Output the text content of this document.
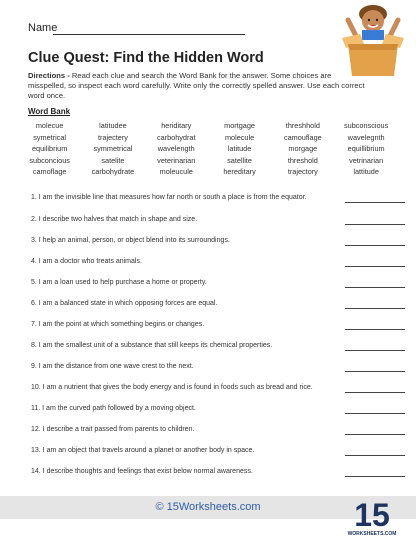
Name
Clue Quest: Find the Hidden Word
Directions - Read each clue and search the Word Bank for the answer. Some choices are misspelled, so inspect each word carefully. Write only the correctly spelled answer. Use each correct word once.
Word Bank
molecue	latitudee	heriditary	mortgage	threshhold	subconscious
symetrical	trajectery	carbohydrat	molecule	camouflage	wavelegnth
equilibrium	symmetrical	wavelength	latitude	morgage	equillibrium
subconcious	satelite	veterinarian	satellite	threshold	vetrinarian
camoflage	carbohydrate	moleucule	hereditary	trajectory	lattitude
1. I am the invisible line that measures how far north or south a place is from the equator.
2. I describe two halves that match in shape and size.
3. I help an animal, person, or object blend into its surroundings.
4. I am a doctor who treats animals.
5. I am a loan used to help purchase a home or property.
6. I am a balanced state in which opposing forces are equal.
7. I am the point at which something begins or changes.
8. I am the smallest unit of a substance that still keeps its chemical properties.
9. I am the distance from one wave crest to the next.
10. I am a nutrient that gives the body energy and is found in foods such as bread and rice.
11. I am the curved path followed by a moving object.
12. I describe a trait passed from parents to children.
13. I am an object that travels around a planet or another body in space.
14. I describe thoughts and feelings that exist below normal awareness.
© 15Worksheets.com	15
WORKSHEETS.COM
